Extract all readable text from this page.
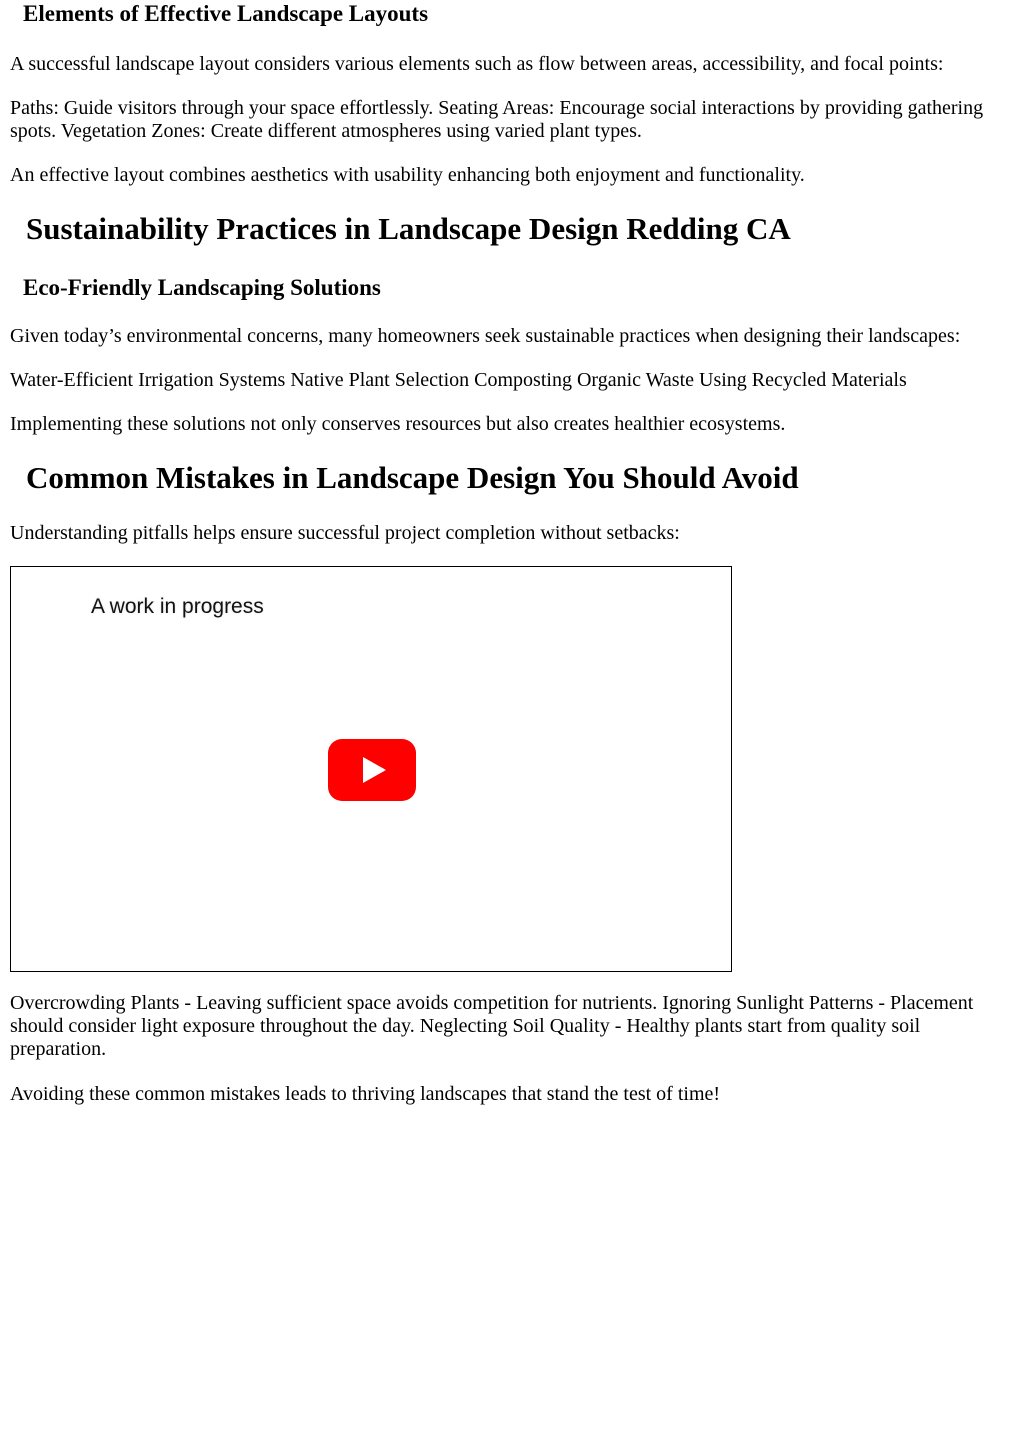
Elements of Effective Landscape Layouts

A successful landscape layout considers various elements such as flow between areas, accessibility, and focal points:

Paths: Guide visitors through your space effortlessly. Seating Areas: Encourage social interactions by providing gathering spots. Vegetation Zones: Create different atmospheres using varied plant types.

An effective layout combines aesthetics with usability enhancing both enjoyment and functionality.

Sustainability Practices in Landscape Design Redding CA
Eco-Friendly Landscaping Solutions

Given today’s environmental concerns, many homeowners seek sustainable practices when designing their landscapes:

Water-Efficient Irrigation Systems Native Plant Selection Composting Organic Waste Using Recycled Materials

Implementing these solutions not only conserves resources but also creates healthier ecosystems.

Common Mistakes in Landscape Design You Should Avoid

Understanding pitfalls helps ensure successful project completion without setbacks:

A work in progress

Overcrowding Plants - Leaving sufficient space avoids competition for nutrients. Ignoring Sunlight Patterns - Placement should consider light exposure throughout the day. Neglecting Soil Quality - Healthy plants start from quality soil preparation.

Avoiding these common mistakes leads to thriving landscapes that stand the test of time!
